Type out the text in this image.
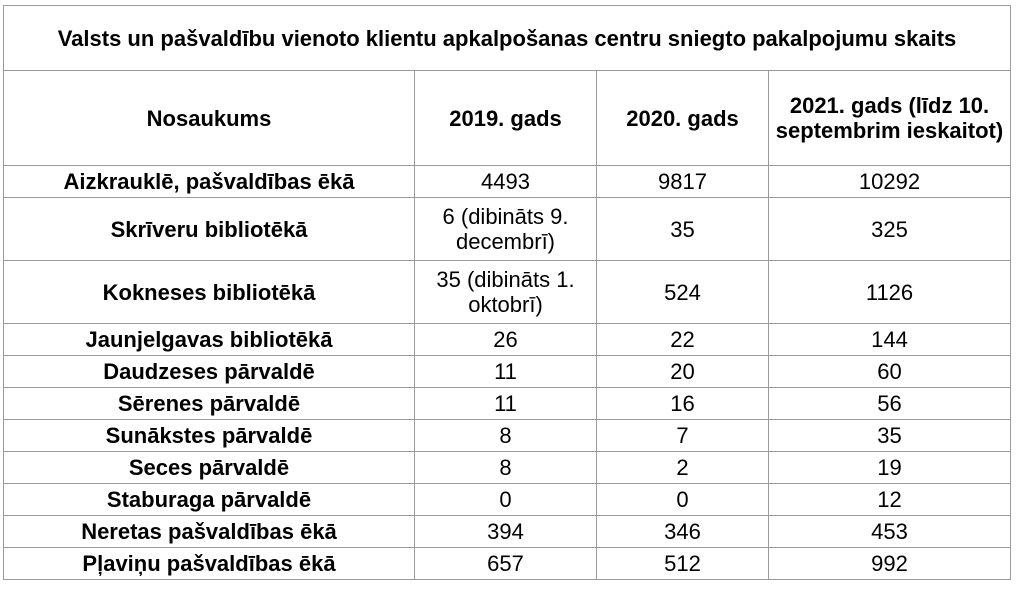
Valsts un pašvaldību vienoto klientu apkalpošanas centru sniegto pakalpojumu skaits			
Nosaukums	2019. gads	2020. gads	2021. gads (līdz 10. septembrim ieskaitot)
Aizkrauklē, pašvaldības ēkā	4493	9817	10292
Skrīveru bibliotēkā	6 (dibināts 9. decembrī)	35	325
Kokneses bibliotēkā	35 (dibināts 1. oktobrī)	524	1126
Jaunjelgavas bibliotēkā	26	22	144
Daudzeses pārvaldē	11	20	60
Sērenes pārvaldē	11	16	56
Sunākstes pārvaldē	8	7	35
Seces pārvaldē	8	2	19
Staburaga pārvaldē	0	0	12
Neretas pašvaldības ēkā	394	346	453
Pļaviņu pašvaldības ēkā	657	512	992
